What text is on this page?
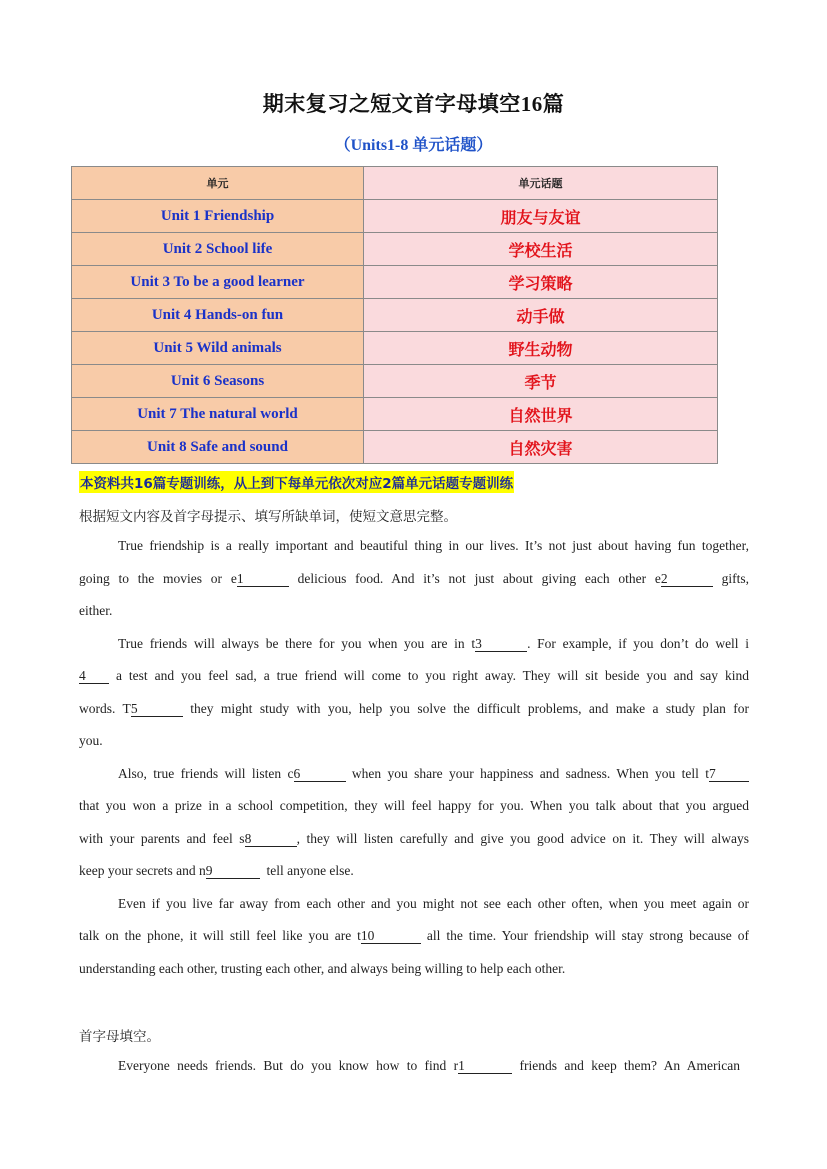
期末复习之短文首字母填空16篇
（Units1-8 单元话题）
单元	单元话题
Unit 1 Friendship	朋友与友谊
Unit 2 School life	学校生活
Unit 3 To be a good learner	学习策略
Unit 4 Hands-on fun	动手做
Unit 5 Wild animals	野生动物
Unit 6 Seasons	季节
Unit 7 The natural world	自然世界
Unit 8 Safe and sound	自然灾害
本资料共16篇专题训练，从上到下每单元依次对应2篇单元话题专题训练
根据短文内容及首字母提示、填写所缺单词，使短文意思完整。
True friendship is a really important and beautiful thing in our lives. It’s not just about having fun together,
going to the movies or e1	delicious food. And it’s not just about giving each other e2	gifts,
either.
True friends will always be there for you when you are in t3	. For example, if you don’t do well i
4 a test and you feel sad, a true friend will come to you right away. They will sit beside you and say kind
words. T5	they might study with you, help you solve the difficult problems, and make a study plan for
you.
Also, true friends will listen c6	when you share your happiness and sadness. When you tell t7
that you won a prize in a school competition, they will feel happy for you. When you talk about that you argued
with your parents and feel s8	, they will listen carefully and give you good advice on it. They will always
keep your secrets and n9	tell anyone else.
Even if you live far away from each other and you might not see each other often, when you meet again or
talk on the phone, it will still feel like you are t10	all the time. Your friendship will stay strong because of
understanding each other, trusting each other, and always being willing to help each other.
首字母填空。
Everyone needs friends. But do you know how to find r1	friends and keep them? An American
